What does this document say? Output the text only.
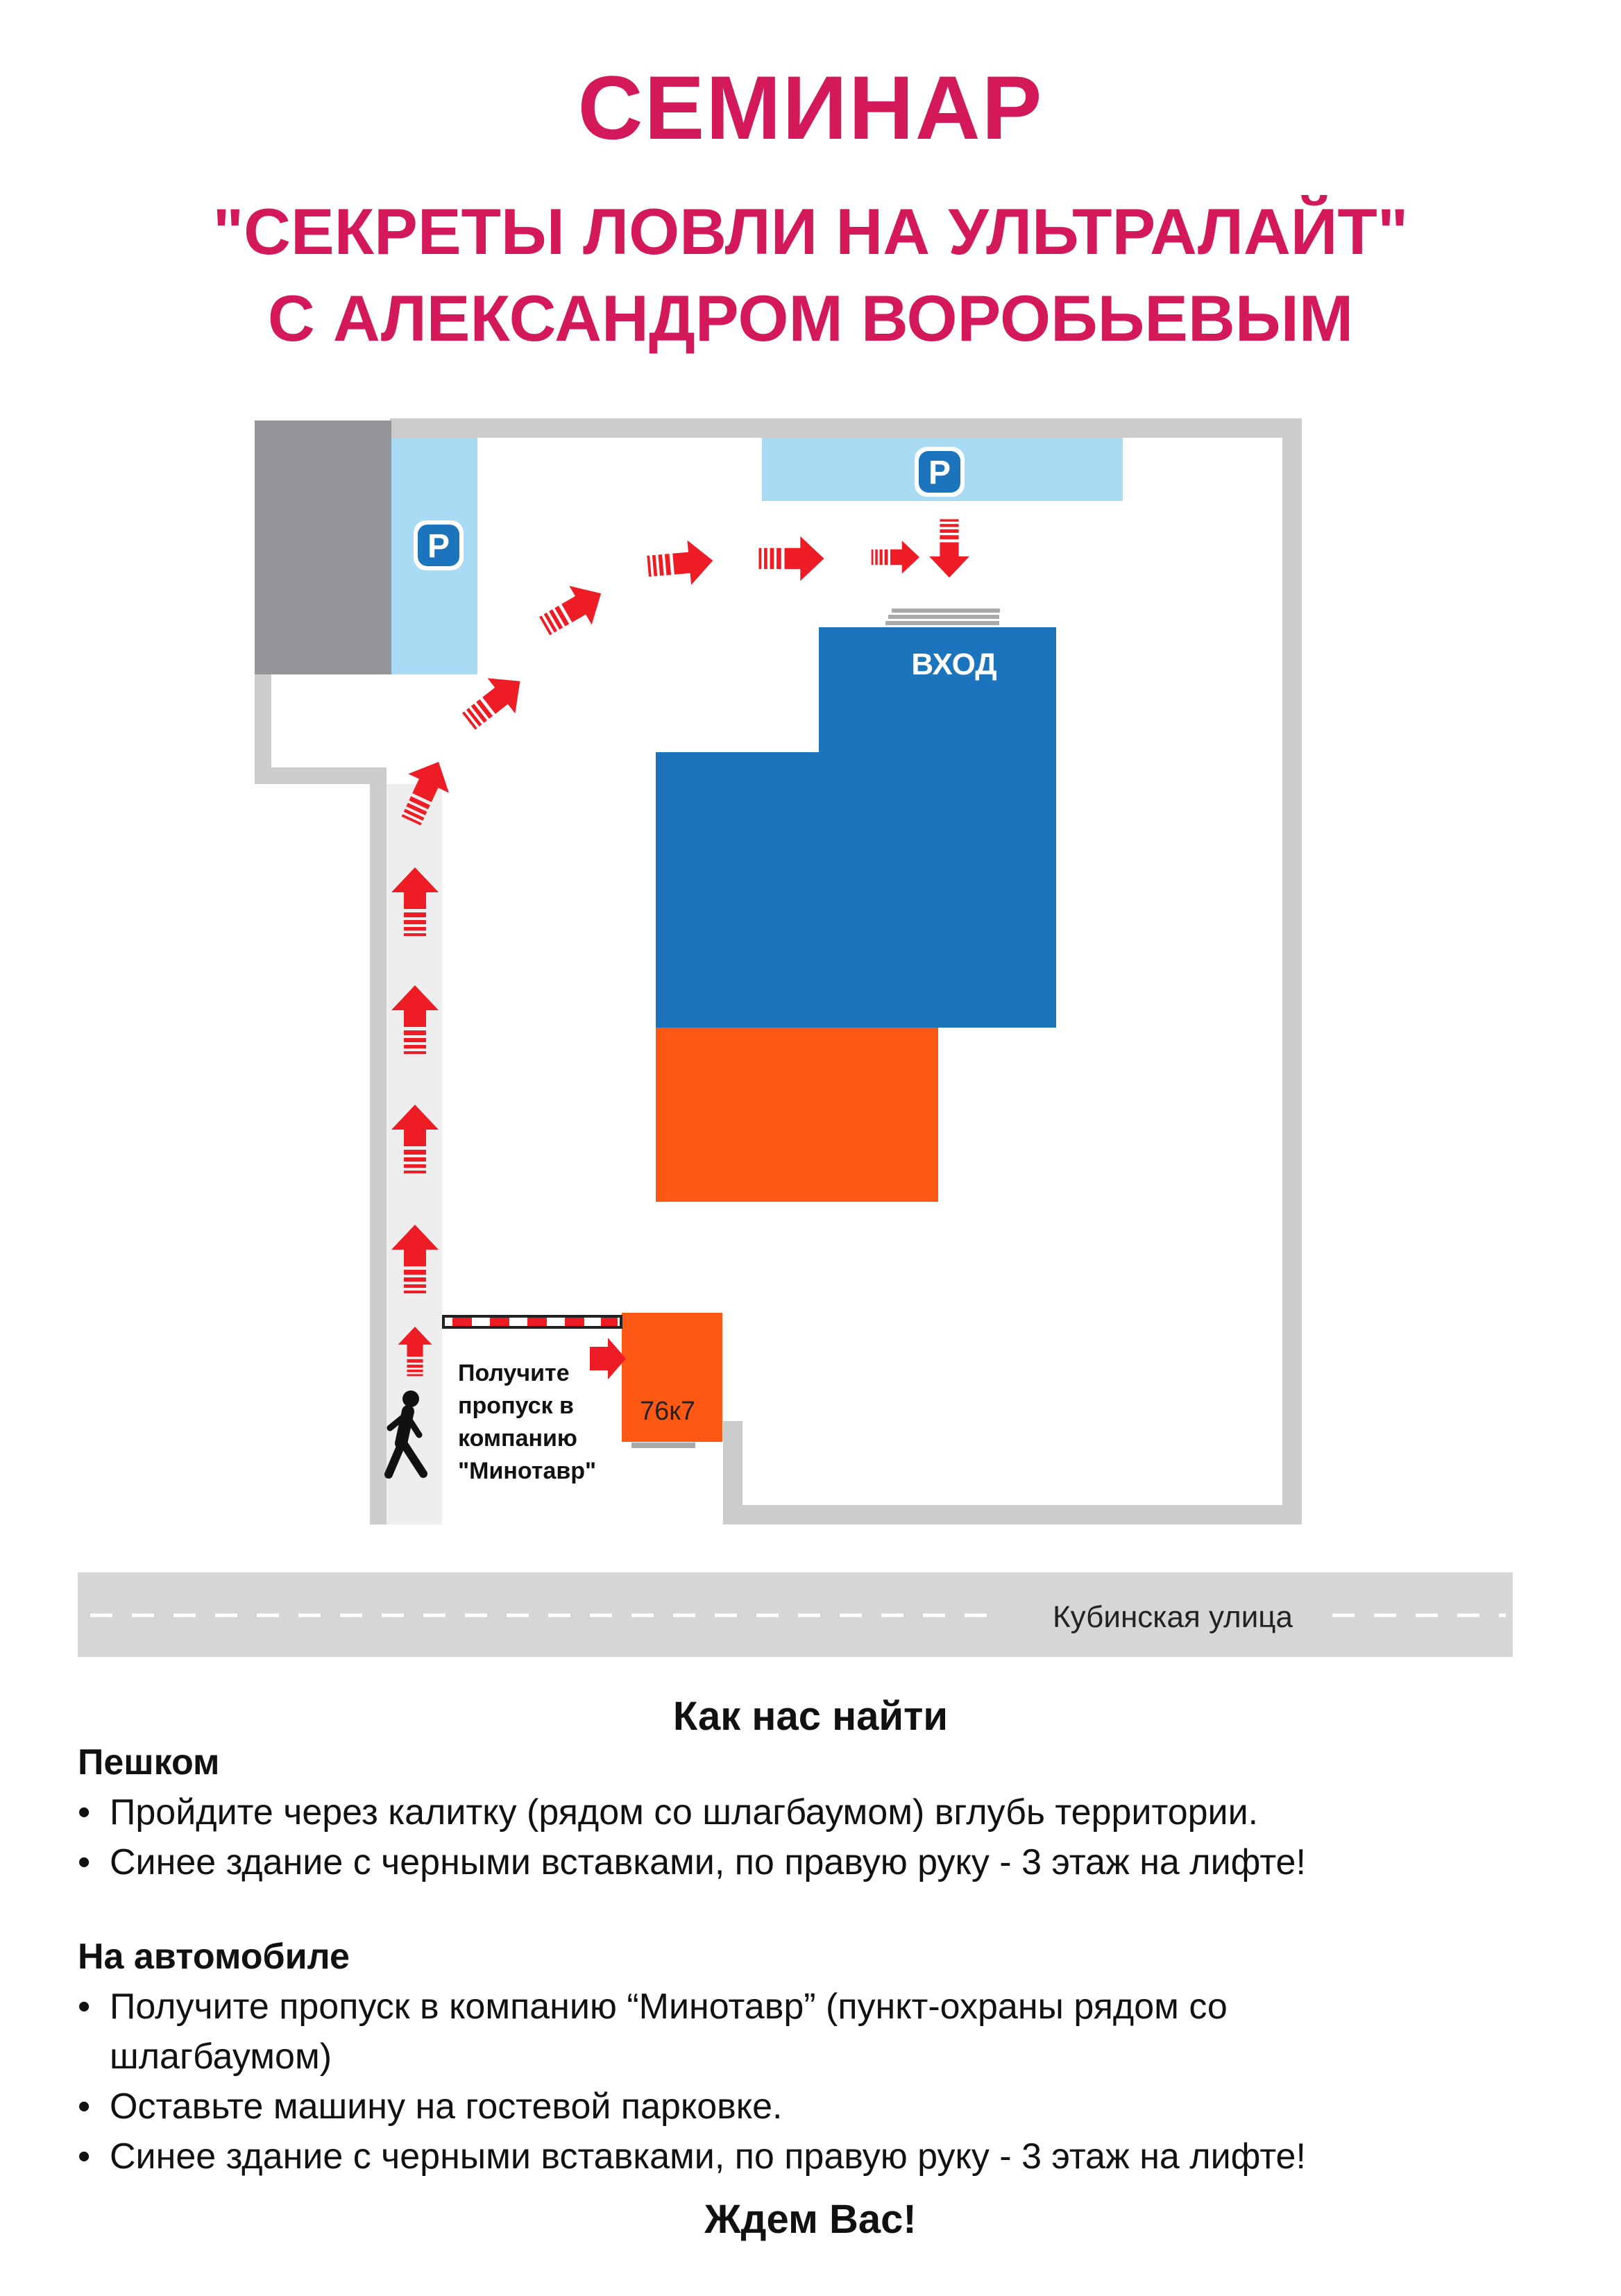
СЕМИНАР
"СЕКРЕТЫ ЛОВЛИ НА УЛЬТРАЛАЙТ"
С АЛЕКСАНДРОМ ВОРОБЬЕВЫМ
P
P
ВХОД
76к7
Получите
пропуск в
компанию
"Минотавр"
Кубинская улица
Как нас найти
Пешком
• Пройдите через калитку (рядом со шлагбаумом) вглубь территории.
• Синее здание с черными вставками, по правую руку - 3 этаж на лифте!
На автомобиле
• Получите пропуск в компанию “Минотавр” (пункт-охраны рядом со шлагбаумом)
• Оставьте машину на гостевой парковке.
• Синее здание с черными вставками, по правую руку - 3 этаж на лифте!
Ждем Вас!
